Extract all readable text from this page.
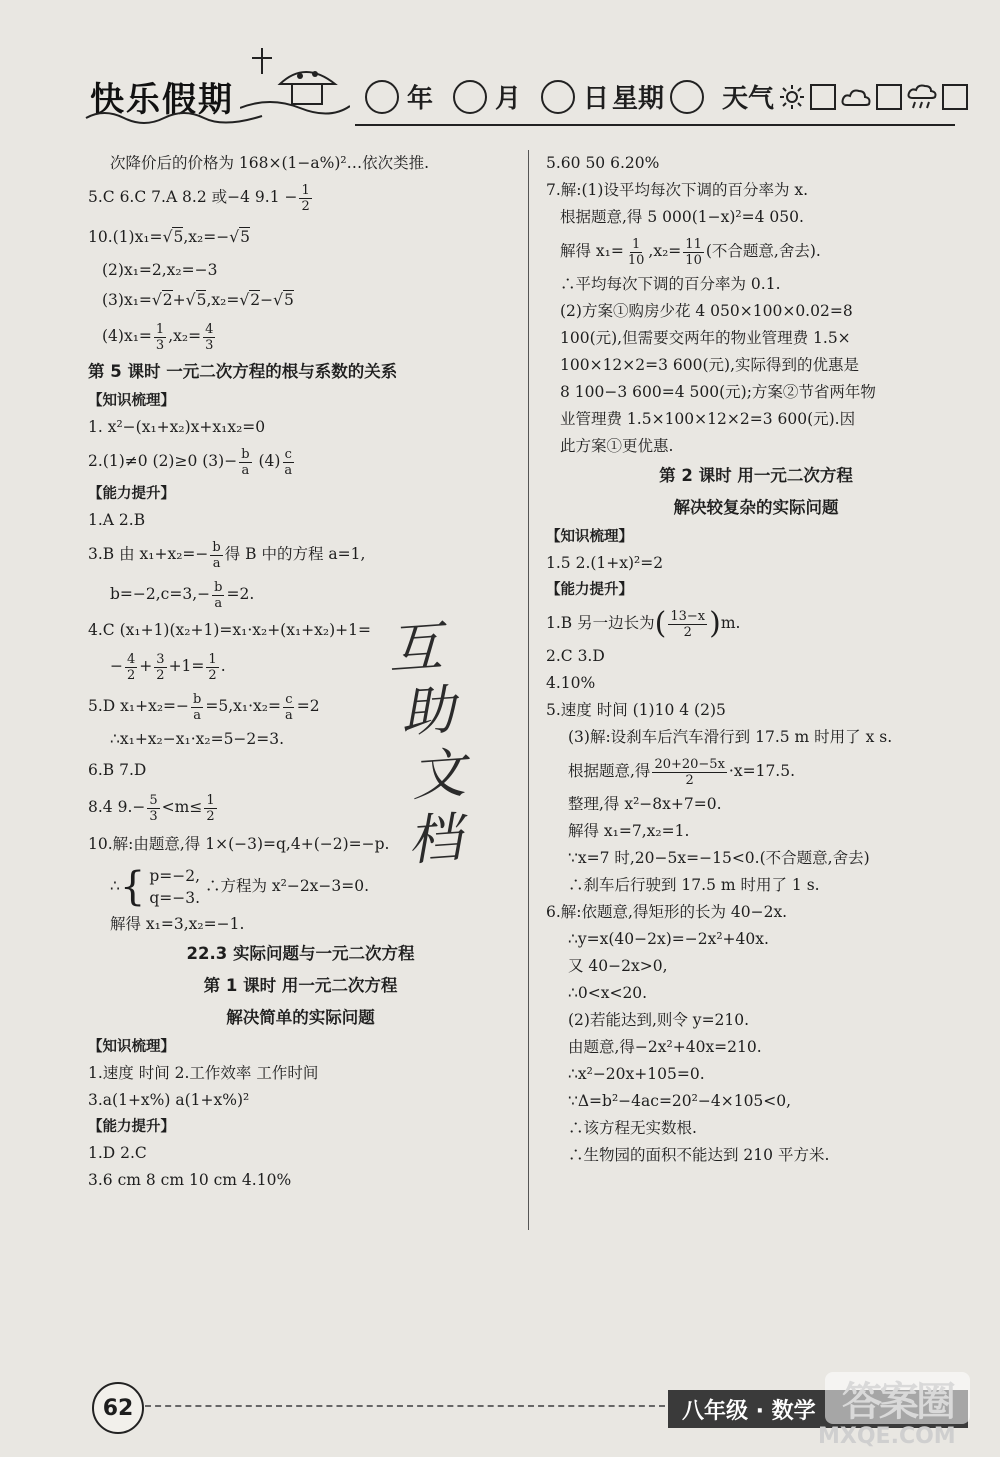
快乐假期	年 月 日 星期 天气
次降价后的价格为 168×(1−a%)²…依次类推.
5.C 6.C 7.A 8.2 或−4 $9.1 - \frac{1}{2}$
10.(1)x₁=√5,x₂=−√5
(2)x₁=2,x₂=−3
(3)x₁=√2+√5,x₂=√2−√5
$(4)x_1= \frac{1}{3} ,x_2= \frac{4}{3}$
第 5 课时 一元二次方程的根与系数的关系
【知识梳理】
1. x²−(x₁+x₂)x+x₁x₂=0
2.(1)≠0 (2)≥0 $(3)- \frac{b}{a} (4) \frac{c}{a}$
【能力提升】
1.A 2.B
3.B 由 $x_1+x_2=- \frac{b}{a}$ 得 B 中的方程 a=1,
$b=-2,c=3,- \frac{b}{a} =2$.
4.C (x₁+1)(x₂+1)=x₁·x₂+(x₁+x₂)+1=
− $\frac{4}{2} + \frac{3}{2} +1= \frac{1}{2}$ .
5.D $x_1+x_2=- \frac{b}{a} =5,x_1\cdot x_2= \frac{c}{a} =2$
∴x₁+x₂−x₁·x₂=5−2=3.
6.B 7.D
8.4 $9.- \frac{5}{3} <m\le \frac{1}{2}$
10.解:由题意,得 1×(−3)=q,4+(−2)=−p.
∴{ p=−2,
q=−3.
∴方程为 x²−2x−3=0.
解得 x₁=3,x₂=−1.
22.3 实际问题与一元二次方程
第 1 课时 用一元二次方程
解决简单的实际问题
【知识梳理】
1.速度 时间 2.工作效率 工作时间
3.a(1+x%) a(1+x%)²
【能力提升】
1.D 2.C
3.6 cm 8 cm 10 cm 4.10%
5.60 50 6.20%
7.解:(1)设平均每次下调的百分率为 x.
根据题意,得 5 000(1−x)²=4 050.
解得 $x_1= \frac{1}{10} ,x_2= \frac{11}{10}$ (不合题意,舍去).
∴平均每次下调的百分率为 0.1.
(2)方案①购房少花 4 050×100×0.02=8
100(元),但需要交两年的物业管理费 1.5×
100×12×2=3 600(元),实际得到的优惠是
8 100−3 600=4 500(元);方案②节省两年物
业管理费 1.5×100×12×2=3 600(元).因
此方案①更优惠.
第 2 课时 用一元二次方程
解决较复杂的实际问题
【知识梳理】
1.5 2.(1+x)²=2
【能力提升】
1.B 另一边长为( $\frac{13-x}{2} )m$.
2.C 3.D
4.10%
5.速度 时间 (1)10 4 (2)5
(3)解:设刹车后汽车滑行到 17.5 m 时用了 x s.
根据题意,得 $\frac{20+20-5x}{2} \cdot x=17.5$.
整理,得 x²−8x+7=0.
解得 x₁=7,x₂=1.
∵x=7 时,20−5x=−15<0.(不合题意,舍去)
∴刹车后行驶到 17.5 m 时用了 1 s.
6.解:依题意,得矩形的长为 40−2x.
∴y=x(40−2x)=−2x²+40x.
又 40−2x>0,
∴0<x<20.
(2)若能达到,则令 y=210.
由题意,得−2x²+40x=210.
∴x²−20x+105=0.
∵Δ=b²−4ac=20²−4×105<0,
∴该方程无实数根.
∴生物园的面积不能达到 210 平方米.
互
助
文
档
62	八年级 · 数学 答案圈
MXQE.COM
